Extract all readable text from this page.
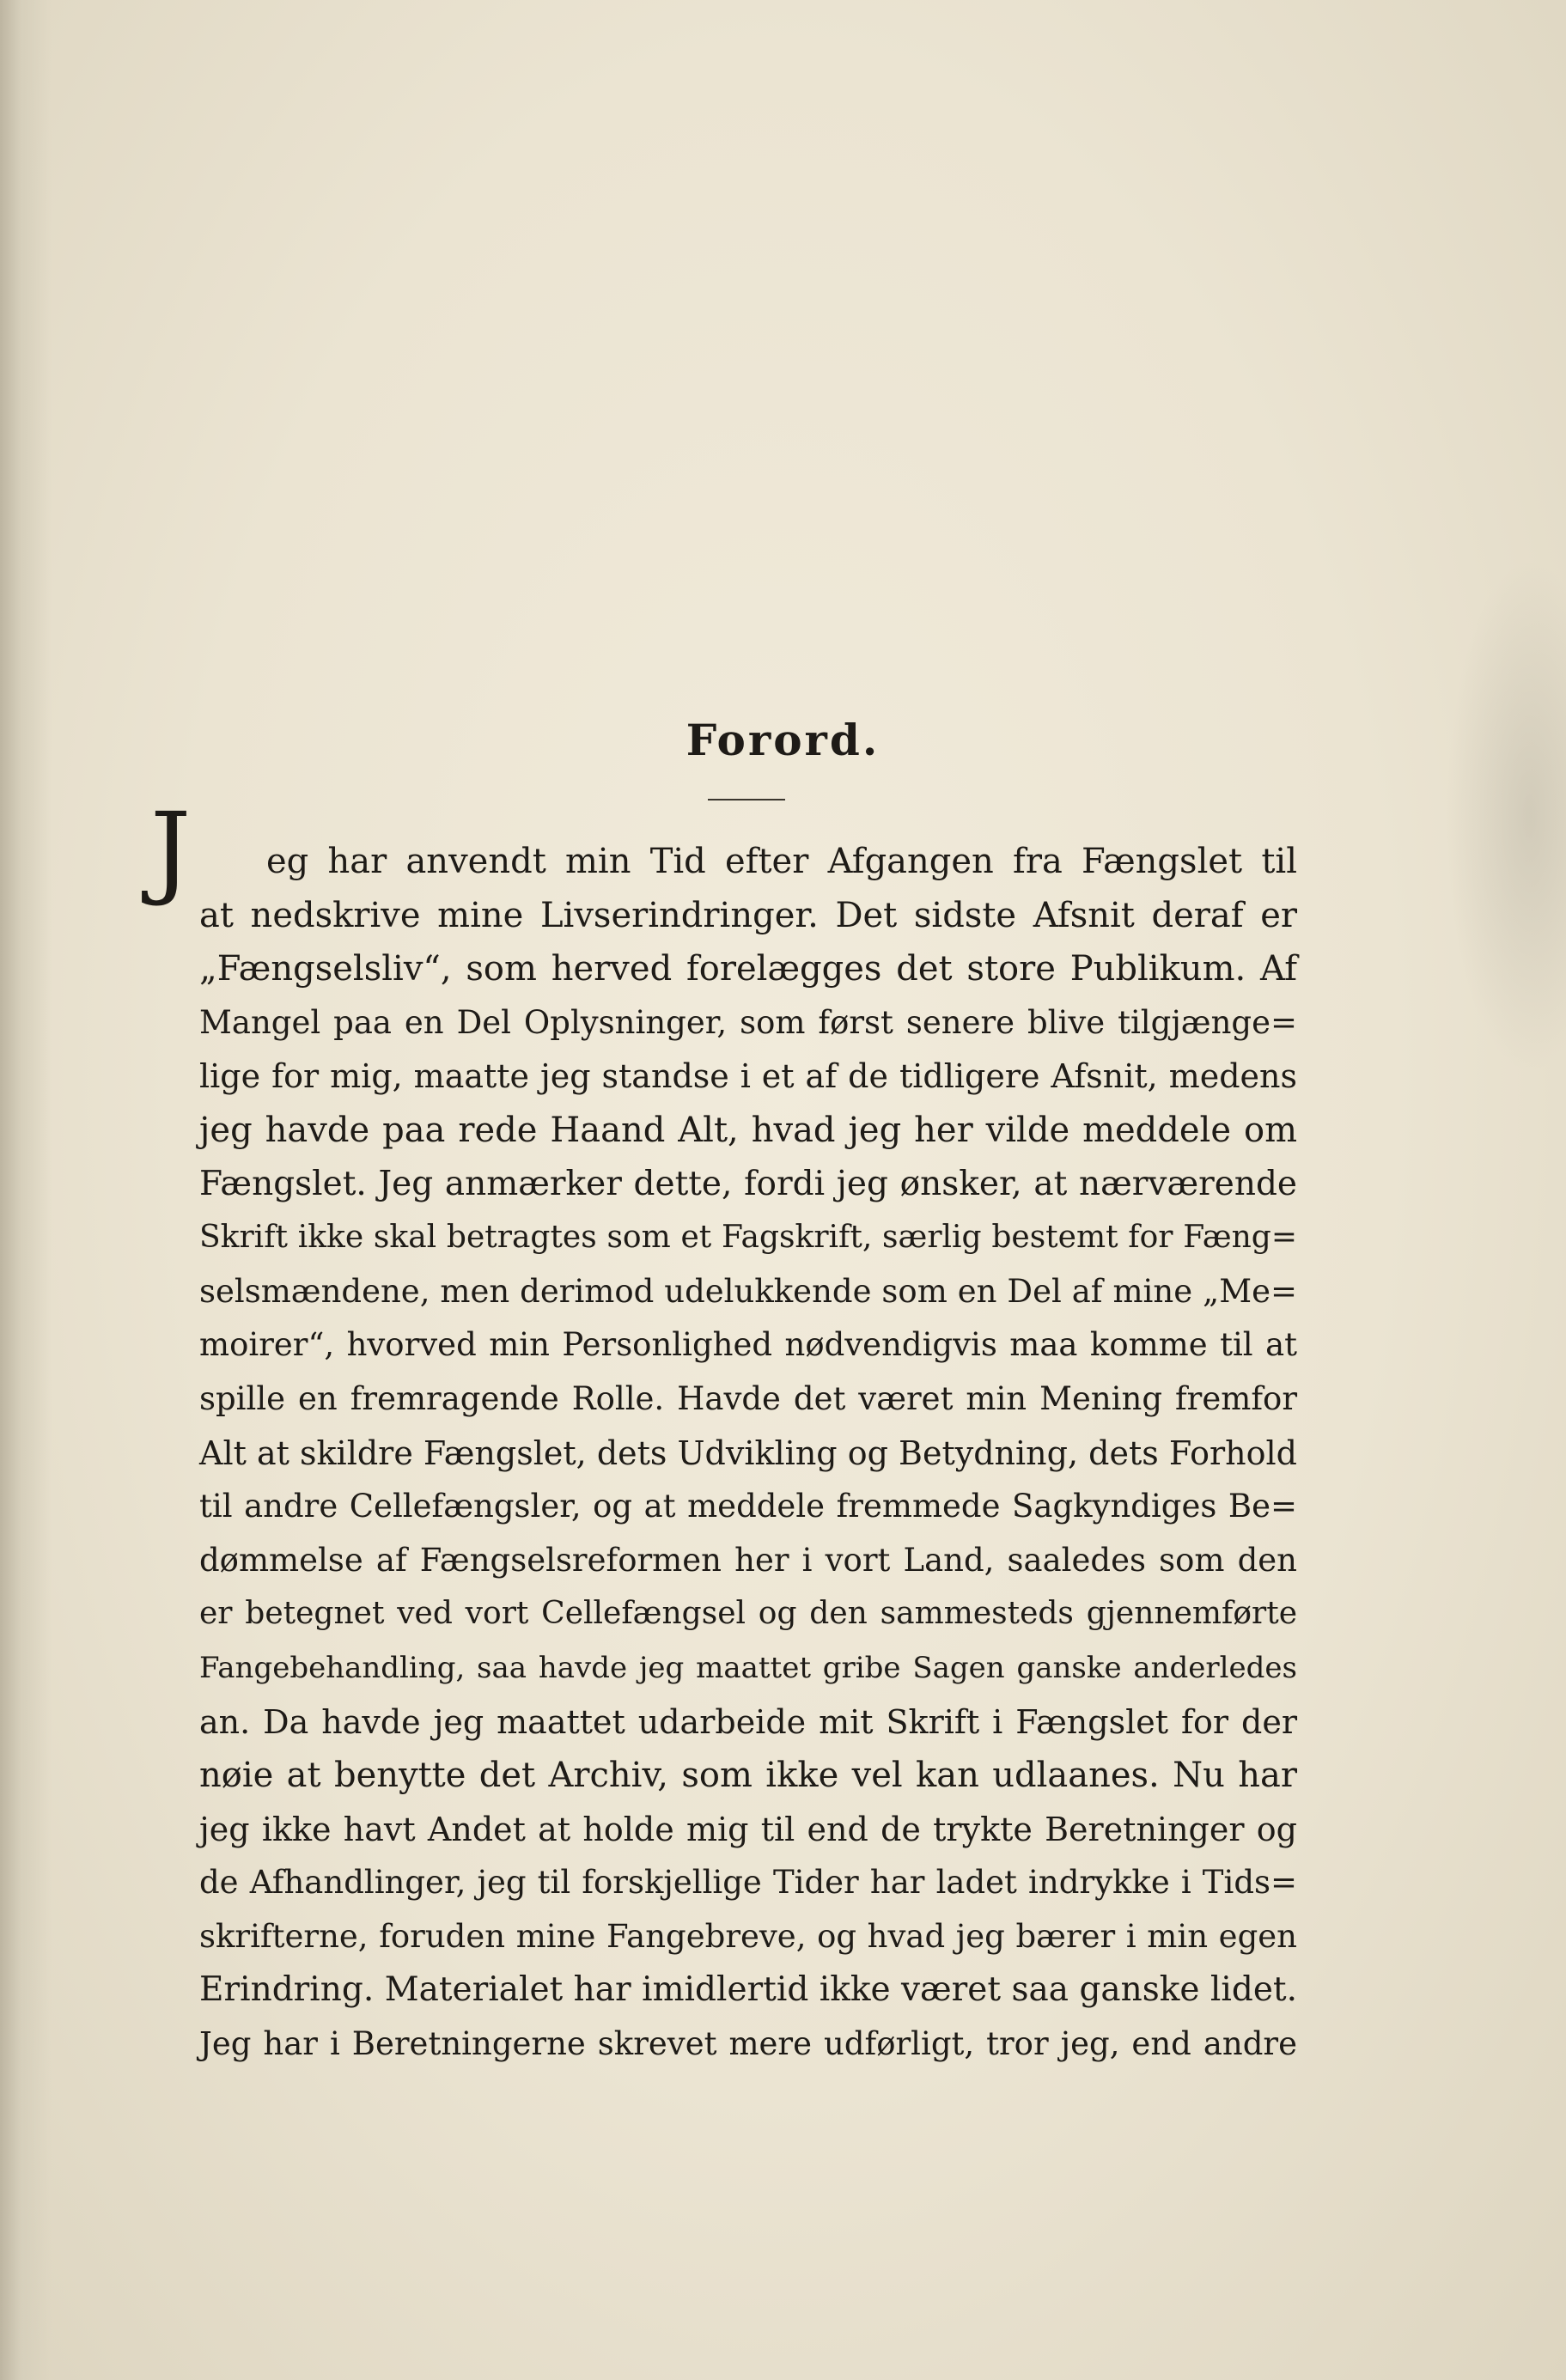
Forord.
J	eg har anvendt min Tid efter Afgangen fra Fængslet til
at nedskrive mine Livserindringer. Det sidste Afsnit deraf er
„Fængselsliv“, som herved forelægges det store Publikum. Af
Mangel paa en Del Oplysninger, som først senere blive tilgjænge=
lige for mig, maatte jeg standse i et af de tidligere Afsnit, medens
jeg havde paa rede Haand Alt, hvad jeg her vilde meddele om
Fængslet. Jeg anmærker dette, fordi jeg ønsker, at nærværende
Skrift ikke skal betragtes som et Fagskrift, særlig bestemt for Fæng=
selsmændene, men derimod udelukkende som en Del af mine „Me=
moirer“, hvorved min Personlighed nødvendigvis maa komme til at
spille en fremragende Rolle. Havde det været min Mening fremfor
Alt at skildre Fængslet, dets Udvikling og Betydning, dets Forhold
til andre Cellefængsler, og at meddele fremmede Sagkyndiges Be=
dømmelse af Fængselsreformen her i vort Land, saaledes som den
er betegnet ved vort Cellefængsel og den sammesteds gjennemførte
Fangebehandling, saa havde jeg maattet gribe Sagen ganske anderledes
an. Da havde jeg maattet udarbeide mit Skrift i Fængslet for der
nøie at benytte det Archiv, som ikke vel kan udlaanes. Nu har
jeg ikke havt Andet at holde mig til end de trykte Beretninger og
de Afhandlinger, jeg til forskjellige Tider har ladet indrykke i Tids=
skrifterne, foruden mine Fangebreve, og hvad jeg bærer i min egen
Erindring. Materialet har imidlertid ikke været saa ganske lidet.
Jeg har i Beretningerne skrevet mere udførligt, tror jeg, end andre
